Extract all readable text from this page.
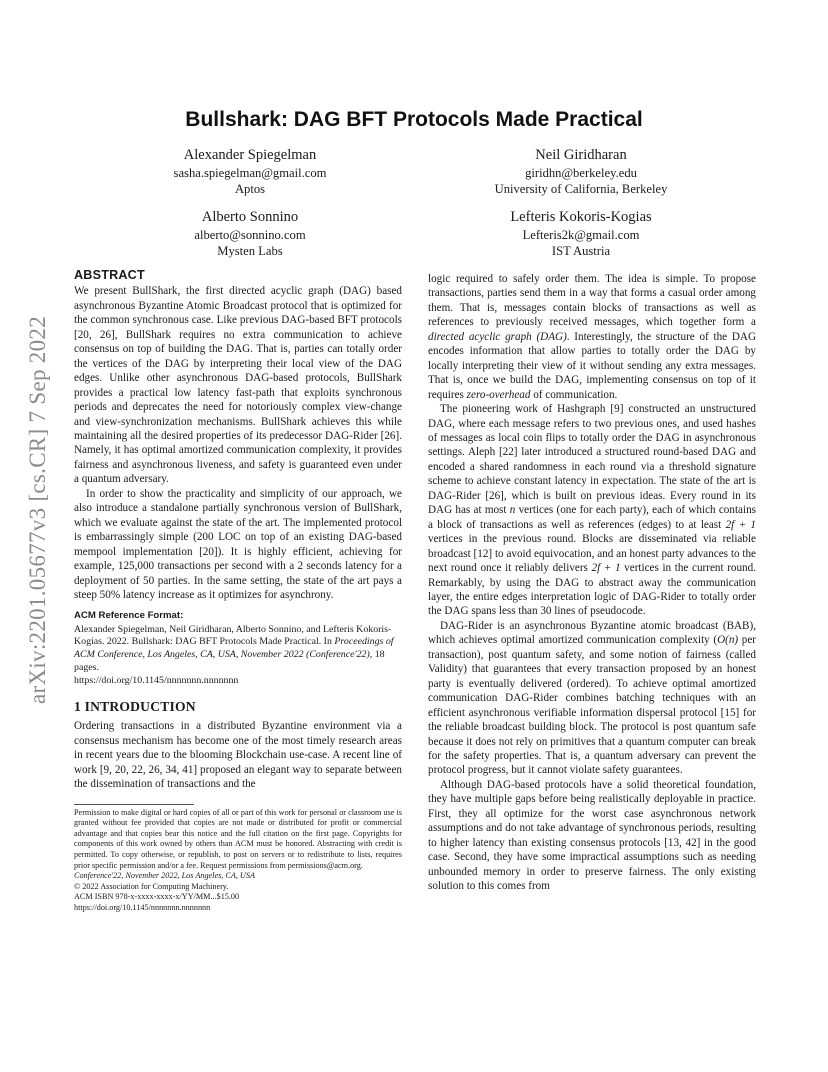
arXiv:2201.05677v3 [cs.CR] 7 Sep 2022
Bullshark: DAG BFT Protocols Made Practical
Alexander Spiegelman
sasha.spiegelman@gmail.com
Aptos
Neil Giridharan
giridhn@berkeley.edu
University of California, Berkeley
Alberto Sonnino
alberto@sonnino.com
Mysten Labs
Lefteris Kokoris-Kogias
Lefteris2k@gmail.com
IST Austria
ABSTRACT

We present BullShark, the first directed acyclic graph (DAG) based asynchronous Byzantine Atomic Broadcast protocol that is optimized for the common synchronous case. Like previous DAG-based BFT protocols [20, 26], BullShark requires no extra communication to achieve consensus on top of building the DAG. That is, parties can totally order the vertices of the DAG by interpreting their local view of the DAG edges. Unlike other asynchronous DAG-based protocols, BullShark provides a practical low latency fast-path that exploits synchronous periods and deprecates the need for notoriously complex view-change and view-synchronization mechanisms. BullShark achieves this while maintaining all the desired properties of its predecessor DAG-Rider [26]. Namely, it has optimal amortized communication complexity, it provides fairness and asynchronous liveness, and safety is guaranteed even under a quantum adversary.

In order to show the practicality and simplicity of our approach, we also introduce a standalone partially synchronous version of BullShark, which we evaluate against the state of the art. The implemented protocol is embarrassingly simple (200 LOC on top of an existing DAG-based mempool implementation [20]). It is highly efficient, achieving for example, 125,000 transactions per second with a 2 seconds latency for a deployment of 50 parties. In the same setting, the state of the art pays a steep 50% latency increase as it optimizes for asynchrony.

ACM Reference Format:
Alexander Spiegelman, Neil Giridharan, Alberto Sonnino, and Lefteris Kokoris-Kogias. 2022. Bullshark: DAG BFT Protocols Made Practical. In Proceedings of ACM Conference, Los Angeles, CA, USA, November 2022 (Conference'22), 18 pages.
https://doi.org/10.1145/nnnnnnn.nnnnnnn
1 INTRODUCTION

Ordering transactions in a distributed Byzantine environment via a consensus mechanism has become one of the most timely research areas in recent years due to the blooming Blockchain use-case. A recent line of work [9, 20, 22, 26, 34, 41] proposed an elegant way to separate between the dissemination of transactions and the

Permission to make digital or hard copies of all or part of this work for personal or classroom use is granted without fee provided that copies are not made or distributed for profit or commercial advantage and that copies bear this notice and the full citation on the first page. Copyrights for components of this work owned by others than ACM must be honored. Abstracting with credit is permitted. To copy otherwise, or republish, to post on servers or to redistribute to lists, requires prior specific permission and/or a fee. Request permissions from permissions@acm.org.
Conference'22, November 2022, Los Angeles, CA, USA
© 2022 Association for Computing Machinery.
ACM ISBN 978-x-xxxx-xxxx-x/YY/MM...$15.00
https://doi.org/10.1145/nnnnnnn.nnnnnnn

logic required to safely order them. The idea is simple. To propose transactions, parties send them in a way that forms a casual order among them. That is, messages contain blocks of transactions as well as references to previously received messages, which together form a directed acyclic graph (DAG). Interestingly, the structure of the DAG encodes information that allow parties to totally order the DAG by locally interpreting their view of it without sending any extra messages. That is, once we build the DAG, implementing consensus on top of it requires zero-overhead of communication.

The pioneering work of Hashgraph [9] constructed an unstructured DAG, where each message refers to two previous ones, and used hashes of messages as local coin flips to totally order the DAG in asynchronous settings. Aleph [22] later introduced a structured round-based DAG and encoded a shared randomness in each round via a threshold signature scheme to achieve constant latency in expectation. The state of the art is DAG-Rider [26], which is built on previous ideas. Every round in its DAG has at most n vertices (one for each party), each of which contains a block of transactions as well as references (edges) to at least 2f + 1 vertices in the previous round. Blocks are disseminated via reliable broadcast [12] to avoid equivocation, and an honest party advances to the next round once it reliably delivers 2f + 1 vertices in the current round. Remarkably, by using the DAG to abstract away the communication layer, the entire edges interpretation logic of DAG-Rider to totally order the DAG spans less than 30 lines of pseudocode.

DAG-Rider is an asynchronous Byzantine atomic broadcast (BAB), which achieves optimal amortized communication complexity (O(n) per transaction), post quantum safety, and some notion of fairness (called Validity) that guarantees that every transaction proposed by an honest party is eventually delivered (ordered). To achieve optimal amortized communication DAG-Rider combines batching techniques with an efficient asynchronous verifiable information dispersal protocol [15] for the reliable broadcast building block. The protocol is post quantum safe because it does not rely on primitives that a quantum computer can break for the safety properties. That is, a quantum adversary can prevent the protocol progress, but it cannot violate safety guarantees.

Although DAG-based protocols have a solid theoretical foundation, they have multiple gaps before being realistically deployable in practice. First, they all optimize for the worst case asynchronous network assumptions and do not take advantage of synchronous periods, resulting to higher latency than existing consensus protocols [13, 42] in the good case. Second, they have some impractical assumptions such as needing unbounded memory in order to preserve fairness. The only existing solution to this comes from
